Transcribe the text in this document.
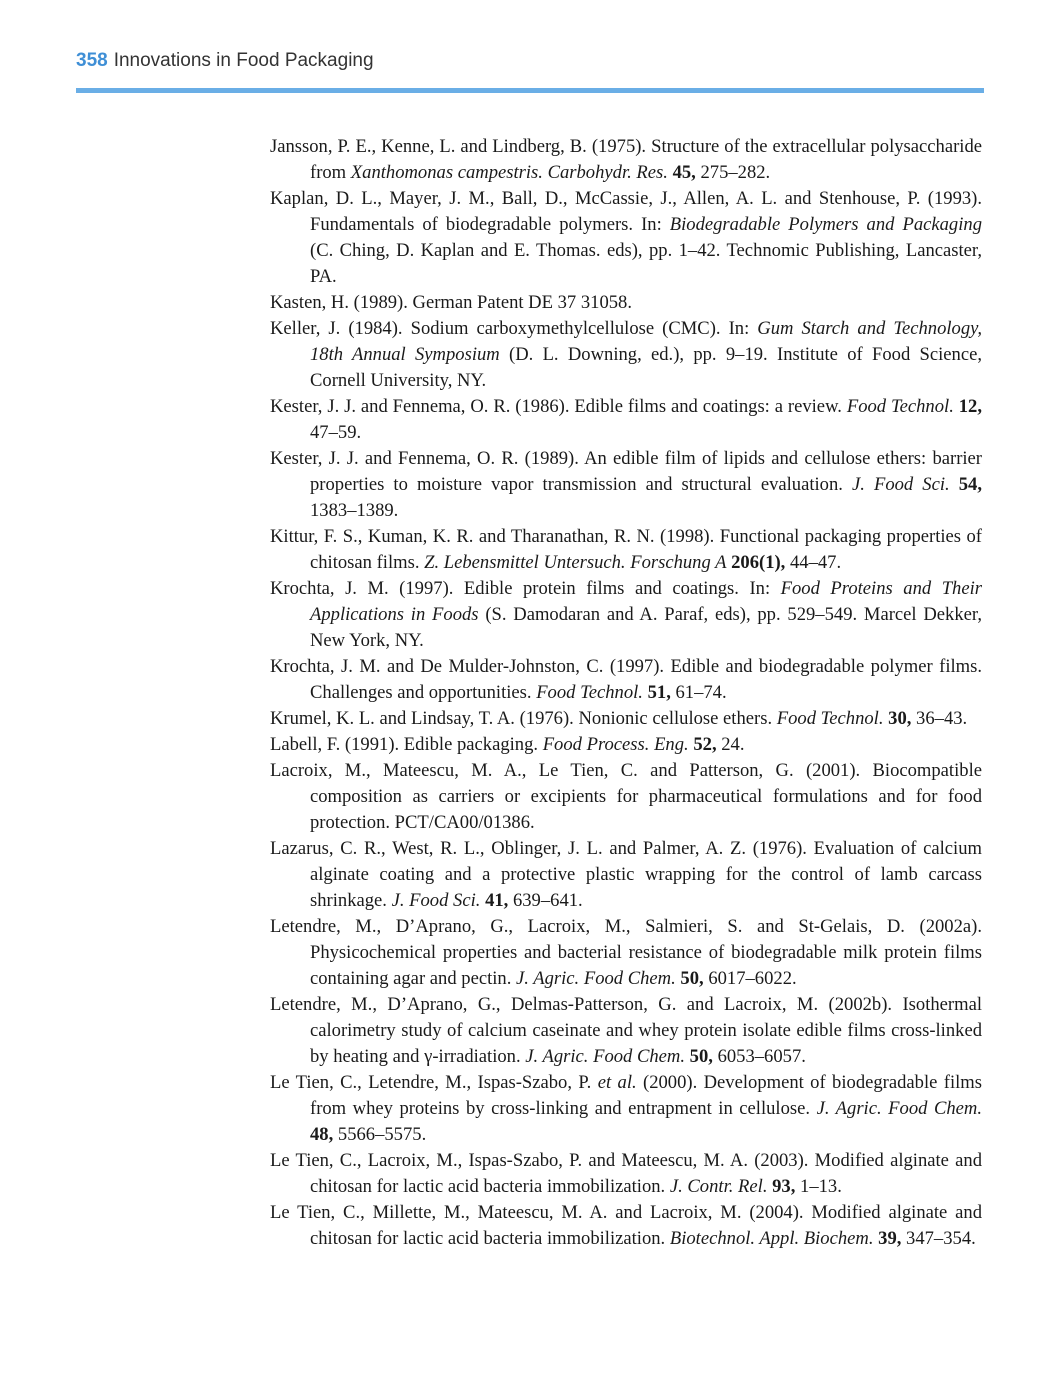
358 Innovations in Food Packaging
Jansson, P. E., Kenne, L. and Lindberg, B. (1975). Structure of the extracellular polysaccharide from Xanthomonas campestris. Carbohydr. Res. 45, 275–282.
Kaplan, D. L., Mayer, J. M., Ball, D., McCassie, J., Allen, A. L. and Stenhouse, P. (1993). Fundamentals of biodegradable polymers. In: Biodegradable Polymers and Packaging (C. Ching, D. Kaplan and E. Thomas. eds), pp. 1–42. Technomic Publishing, Lancaster, PA.
Kasten, H. (1989). German Patent DE 37 31058.
Keller, J. (1984). Sodium carboxymethylcellulose (CMC). In: Gum Starch and Technology, 18th Annual Symposium (D. L. Downing, ed.), pp. 9–19. Institute of Food Science, Cornell University, NY.
Kester, J. J. and Fennema, O. R. (1986). Edible films and coatings: a review. Food Technol. 12, 47–59.
Kester, J. J. and Fennema, O. R. (1989). An edible film of lipids and cellulose ethers: barrier properties to moisture vapor transmission and structural evaluation. J. Food Sci. 54, 1383–1389.
Kittur, F. S., Kuman, K. R. and Tharanathan, R. N. (1998). Functional packaging properties of chitosan films. Z. Lebensmittel Untersuch. Forschung A 206(1), 44–47.
Krochta, J. M. (1997). Edible protein films and coatings. In: Food Proteins and Their Applications in Foods (S. Damodaran and A. Paraf, eds), pp. 529–549. Marcel Dekker, New York, NY.
Krochta, J. M. and De Mulder-Johnston, C. (1997). Edible and biodegradable polymer films. Challenges and opportunities. Food Technol. 51, 61–74.
Krumel, K. L. and Lindsay, T. A. (1976). Nonionic cellulose ethers. Food Technol. 30, 36–43.
Labell, F. (1991). Edible packaging. Food Process. Eng. 52, 24.
Lacroix, M., Mateescu, M. A., Le Tien, C. and Patterson, G. (2001). Biocompatible composition as carriers or excipients for pharmaceutical formulations and for food protection. PCT/CA00/01386.
Lazarus, C. R., West, R. L., Oblinger, J. L. and Palmer, A. Z. (1976). Evaluation of calcium alginate coating and a protective plastic wrapping for the control of lamb carcass shrinkage. J. Food Sci. 41, 639–641.
Letendre, M., D’Aprano, G., Lacroix, M., Salmieri, S. and St-Gelais, D. (2002a). Physicochemical properties and bacterial resistance of biodegradable milk protein films containing agar and pectin. J. Agric. Food Chem. 50, 6017–6022.
Letendre, M., D’Aprano, G., Delmas-Patterson, G. and Lacroix, M. (2002b). Isothermal calorimetry study of calcium caseinate and whey protein isolate edible films cross-linked by heating and γ-irradiation. J. Agric. Food Chem. 50, 6053–6057.
Le Tien, C., Letendre, M., Ispas-Szabo, P. et al. (2000). Development of biodegradable films from whey proteins by cross-linking and entrapment in cellulose. J. Agric. Food Chem. 48, 5566–5575.
Le Tien, C., Lacroix, M., Ispas-Szabo, P. and Mateescu, M. A. (2003). Modified alginate and chitosan for lactic acid bacteria immobilization. J. Contr. Rel. 93, 1–13.
Le Tien, C., Millette, M., Mateescu, M. A. and Lacroix, M. (2004). Modified alginate and chitosan for lactic acid bacteria immobilization. Biotechnol. Appl. Biochem. 39, 347–354.
